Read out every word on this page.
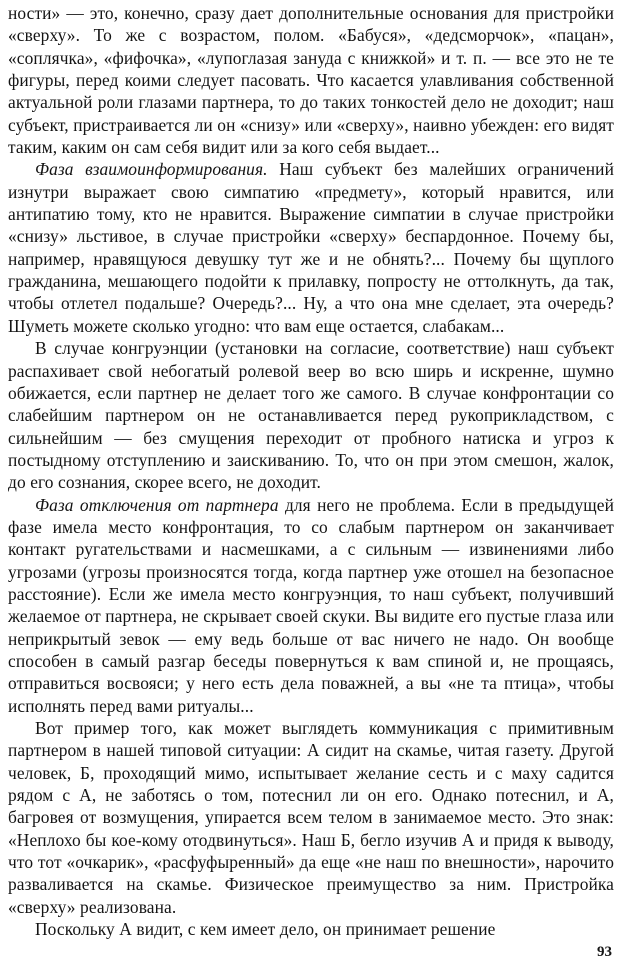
ности» — это, конечно, сразу дает дополнительные основания для пристройки «сверху». То же с возрастом, полом. «Бабуся», «дедсморчок», «пацан», «соплячка», «фифочка», «лупоглазая зануда с книжкой» и т. п. — все это не те фигуры, перед коими следует пасовать. Что касается улавливания собственной актуальной роли глазами партнера, то до таких тонкостей дело не доходит; наш субъект, пристраивается ли он «снизу» или «сверху», наивно убежден: его видят таким, каким он сам себя видит или за кого себя выдает...

Фаза взаимоинформирования. Наш субъект без малейших ограничений изнутри выражает свою симпатию «предмету», который нравится, или антипатию тому, кто не нравится. Выражение симпатии в случае пристройки «снизу» льстивое, в случае пристройки «сверху» беспардонное. Почему бы, например, нравящуюся девушку тут же и не обнять?... Почему бы щуплого гражданина, мешающего подойти к прилавку, попросту не оттолкнуть, да так, чтобы отлетел подальше? Очередь?... Ну, а что она мне сделает, эта очередь? Шуметь можете сколько угодно: что вам еще остается, слабакам...

В случае конгруэнции (установки на согласие, соответствие) наш субъект распахивает свой небогатый ролевой веер во всю ширь и искренне, шумно обижается, если партнер не делает того же самого. В случае конфронтации со слабейшим партнером он не останавливается перед рукоприкладством, с сильнейшим — без смущения переходит от пробного натиска и угроз к постыдному отступлению и заискиванию. То, что он при этом смешон, жалок, до его сознания, скорее всего, не доходит.

Фаза отключения от партнера для него не проблема. Если в предыдущей фазе имела место конфронтация, то со слабым партнером он заканчивает контакт ругательствами и насмешками, а с сильным — извинениями либо угрозами (угрозы произносятся тогда, когда партнер уже отошел на безопасное расстояние). Если же имела место конгруэнция, то наш субъект, получивший желаемое от партнера, не скрывает своей скуки. Вы видите его пустые глаза или неприкрытый зевок — ему ведь больше от вас ничего не надо. Он вообще способен в самый разгар беседы повернуться к вам спиной и, не прощаясь, отправиться восвояси; у него есть дела поважней, а вы «не та птица», чтобы исполнять перед вами ритуалы...

Вот пример того, как может выглядеть коммуникация с примитивным партнером в нашей типовой ситуации: А сидит на скамье, читая газету. Другой человек, Б, проходящий мимо, испытывает желание сесть и с маху садится рядом с А, не заботясь о том, потеснил ли он его. Однако потеснил, и А, багровея от возмущения, упирается всем телом в занимаемое место. Это знак: «Неплохо бы кое-кому отодвинуться». Наш Б, бегло изучив А и придя к выводу, что тот «очкарик», «расфуфыренный» да еще «не наш по внешности», нарочито разваливается на скамье. Физическое преимущество за ним. Пристройка «сверху» реализована.

Поскольку А видит, с кем имеет дело, он принимает решение

93
